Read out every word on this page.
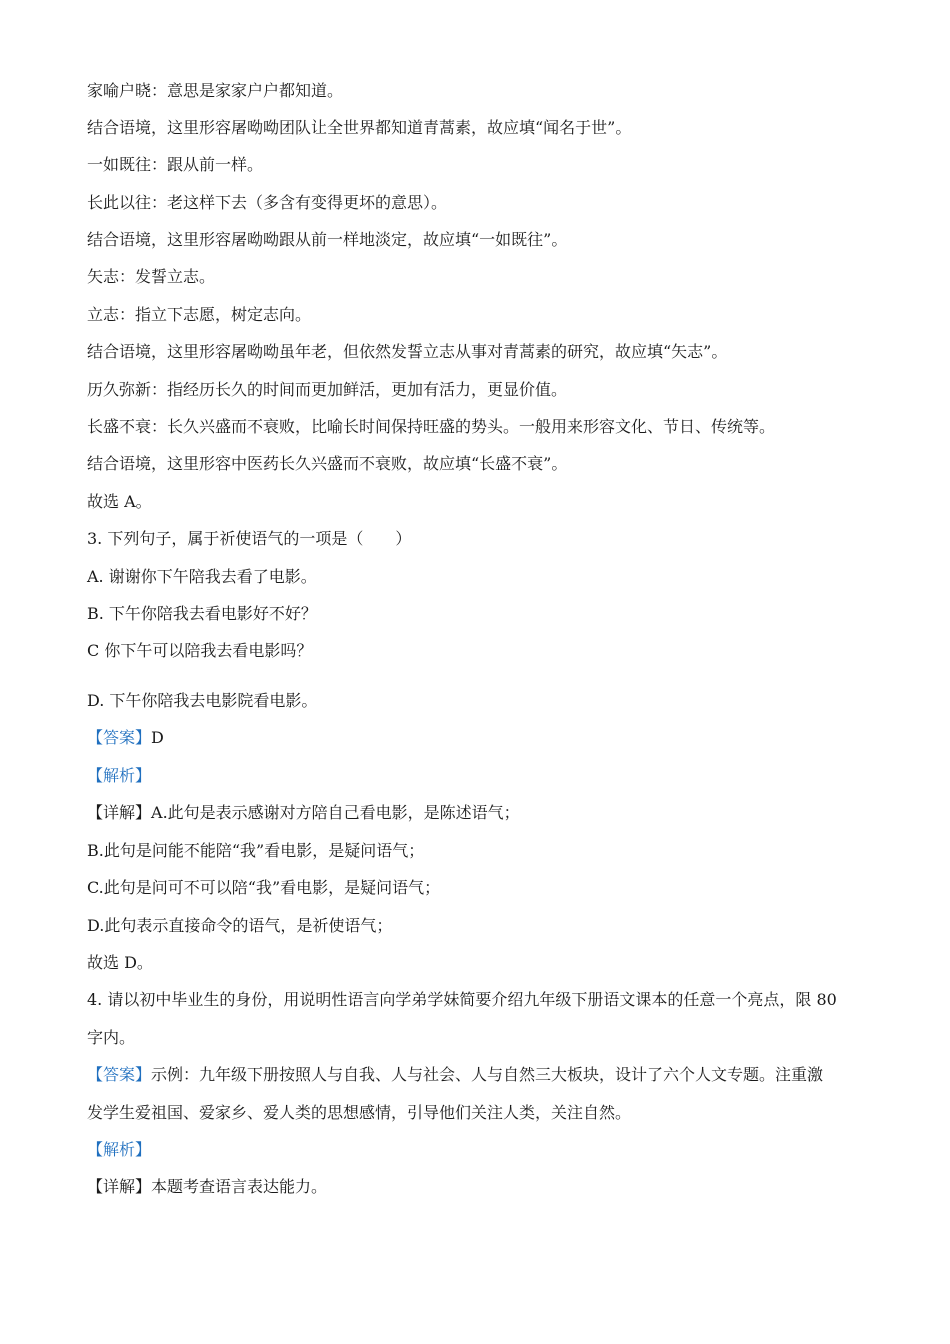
家喻户晓：意思是家家户户都知道。
结合语境，这里形容屠呦呦团队让全世界都知道青蒿素，故应填“闻名于世”。
一如既往：跟从前一样。
长此以往：老这样下去（多含有变得更坏的意思）。
结合语境，这里形容屠呦呦跟从前一样地淡定，故应填“一如既往”。
矢志：发誓立志。
立志：指立下志愿，树定志向。
结合语境，这里形容屠呦呦虽年老，但依然发誓立志从事对青蒿素的研究，故应填“矢志”。
历久弥新：指经历长久的时间而更加鲜活，更加有活力，更显价值。
长盛不衰：长久兴盛而不衰败，比喻长时间保持旺盛的势头。一般用来形容文化、节日、传统等。
结合语境，这里形容中医药长久兴盛而不衰败，故应填“长盛不衰”。
故选 A。
3. 下列句子，属于祈使语气的一项是（　　）
A. 谢谢你下午陪我去看了电影。
B. 下午你陪我去看电影好不好？
C 你下午可以陪我去看电影吗？
D. 下午你陪我去电影院看电影。
【答案】D
【解析】
【详解】A.此句是表示感谢对方陪自己看电影，是陈述语气；
B.此句是问能不能陪“我”看电影，是疑问语气；
C.此句是问可不可以陪“我”看电影，是疑问语气；
D.此句表示直接命令的语气，是祈使语气；
故选 D。
4. 请以初中毕业生的身份，用说明性语言向学弟学妹简要介绍九年级下册语文课本的任意一个亮点，限 80
字内。
【答案】示例：九年级下册按照人与自我、人与社会、人与自然三大板块，设计了六个人文专题。注重激
发学生爱祖国、爱家乡、爱人类的思想感情，引导他们关注人类，关注自然。
【解析】
【详解】本题考查语言表达能力。
